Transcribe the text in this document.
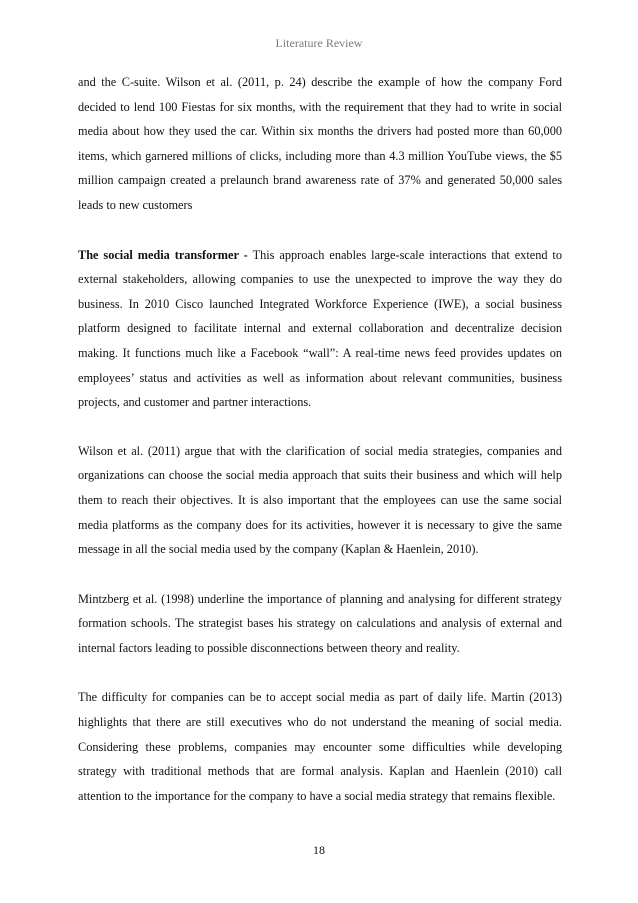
Literature Review

and the C-suite. Wilson et al. (2011, p. 24) describe the example of how the company Ford decided to lend 100 Fiestas for six months, with the requirement that they had to write in social media about how they used the car. Within six months the drivers had posted more than 60,000 items, which garnered millions of clicks, including more than 4.3 million YouTube views, the $5 million campaign created a prelaunch brand awareness rate of 37% and generated 50,000 sales leads to new customers

The social media transformer - This approach enables large-scale interactions that extend to external stakeholders, allowing companies to use the unexpected to improve the way they do business. In 2010 Cisco launched Integrated Workforce Experience (IWE), a social business platform designed to facilitate internal and external collaboration and decentralize decision making. It functions much like a Facebook “wall”: A real-time news feed provides updates on employees’ status and activities as well as information about relevant communities, business projects, and customer and partner interactions.

Wilson et al. (2011) argue that with the clarification of social media strategies, companies and organizations can choose the social media approach that suits their business and which will help them to reach their objectives. It is also important that the employees can use the same social media platforms as the company does for its activities, however it is necessary to give the same message in all the social media used by the company (Kaplan & Haenlein, 2010).

Mintzberg et al. (1998) underline the importance of planning and analysing for different strategy formation schools. The strategist bases his strategy on calculations and analysis of external and internal factors leading to possible disconnections between theory and reality.

The difficulty for companies can be to accept social media as part of daily life. Martin (2013) highlights that there are still executives who do not understand the meaning of social media. Considering these problems, companies may encounter some difficulties while developing strategy with traditional methods that are formal analysis. Kaplan and Haenlein (2010) call attention to the importance for the company to have a social media strategy that remains flexible.

18
